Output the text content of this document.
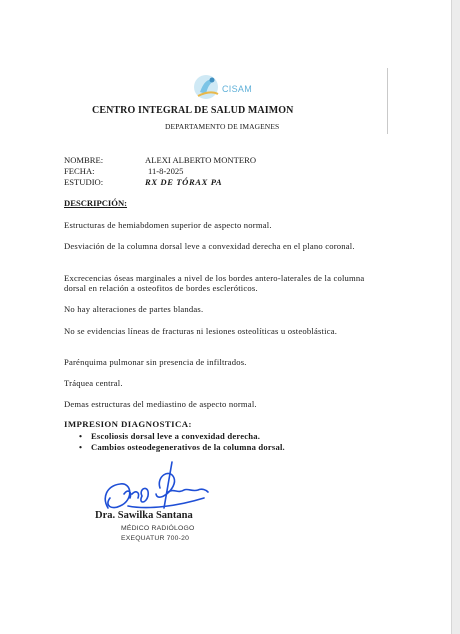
CISAM
CENTRO INTEGRAL DE SALUD MAIMON
DEPARTAMENTO DE IMAGENES
NOMBRE:	ALEXI ALBERTO MONTERO
FECHA:	11-8-2025
ESTUDIO:	RX DE TÓRAX PA
DESCRIPCIÓN:
Estructuras de hemiabdomen superior de aspecto normal.
Desviación de la columna dorsal leve a convexidad derecha en el plano coronal.
Excrecencias óseas marginales a nivel de los bordes antero-laterales de la columna dorsal en relación a osteofitos de bordes escleróticos.
No hay alteraciones de partes blandas.
No se evidencias líneas de fracturas ni lesiones osteolíticas u osteoblástica.
Parénquima pulmonar sin presencia de infiltrados.
Tráquea central.
Demas estructuras del mediastino de aspecto normal.
IMPRESION DIAGNOSTICA:
• Escoliosis dorsal leve a convexidad derecha.
• Cambios osteodegenerativos de la columna dorsal.
Dra. Sawilka Santana
MÉDICO RADIÓLOGO
EXEQUATUR 700-20
